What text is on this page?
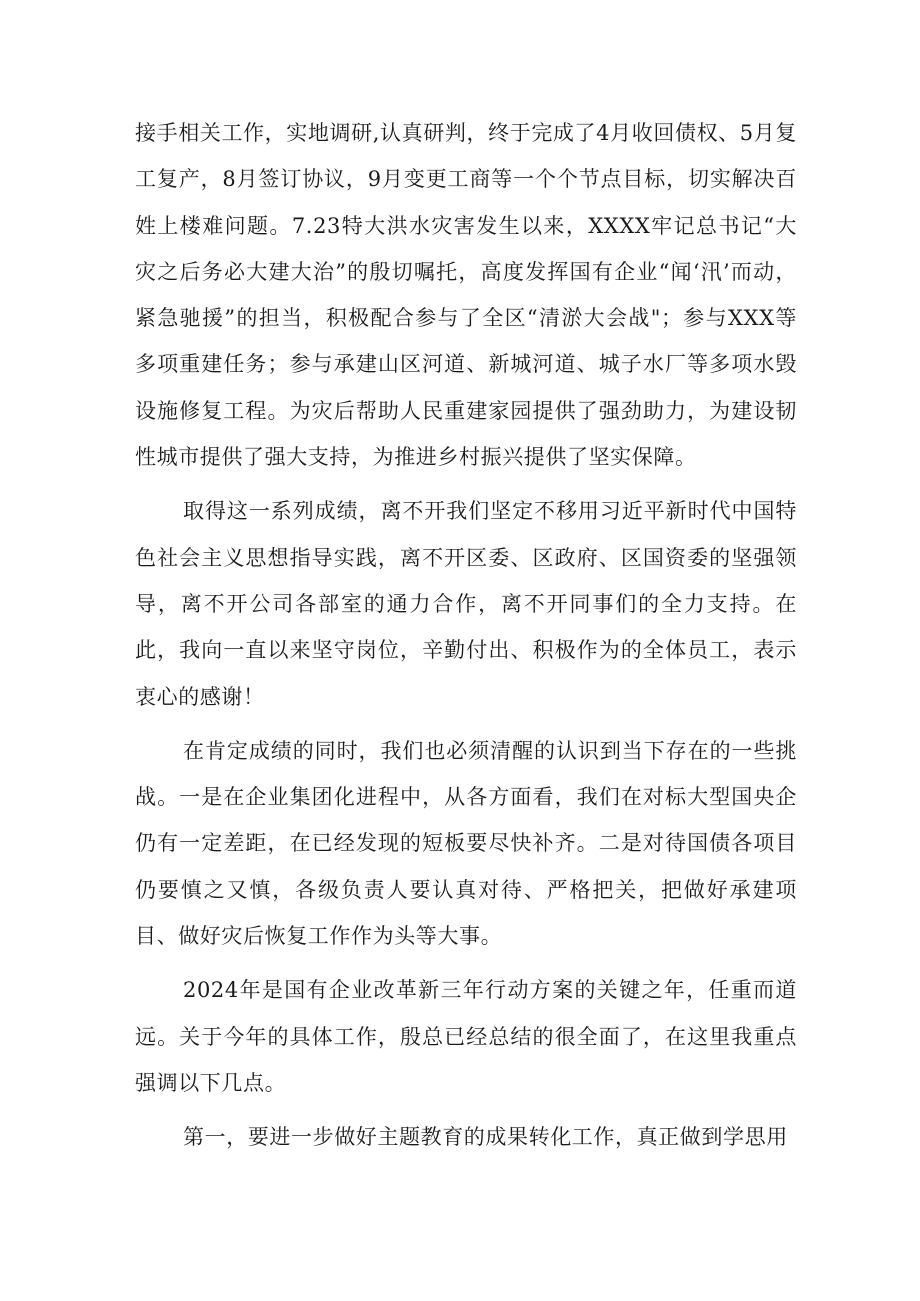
接手相关工作，实地调研,认真研判，终于完成了4月收回债权、5月复工复产，8月签订协议，9月变更工商等一个个节点目标，切实解决百姓上楼难问题。7.23特大洪水灾害发生以来，XXXX牢记总书记“大灾之后务必大建大治”的殷切嘱托，高度发挥国有企业“闻‘汛’而动，紧急驰援”的担当，积极配合参与了全区“清淤大会战"；参与XXX等多项重建任务；参与承建山区河道、新城河道、城子水厂等多项水毁设施修复工程。为灾后帮助人民重建家园提供了强劲助力，为建设韧性城市提供了强大支持，为推进乡村振兴提供了坚实保障。

取得这一系列成绩，离不开我们坚定不移用习近平新时代中国特色社会主义思想指导实践，离不开区委、区政府、区国资委的坚强领导，离不开公司各部室的通力合作，离不开同事们的全力支持。在此，我向一直以来坚守岗位，辛勤付出、积极作为的全体员工，表示衷心的感谢！

在肯定成绩的同时，我们也必须清醒的认识到当下存在的一些挑战。一是在企业集团化进程中，从各方面看，我们在对标大型国央企仍有一定差距，在已经发现的短板要尽快补齐。二是对待国债各项目仍要慎之又慎，各级负责人要认真对待、严格把关，把做好承建项目、做好灾后恢复工作作为头等大事。

2024年是国有企业改革新三年行动方案的关键之年，任重而道远。关于今年的具体工作，殷总已经总结的很全面了，在这里我重点强调以下几点。

第一，要进一步做好主题教育的成果转化工作，真正做到学思用
